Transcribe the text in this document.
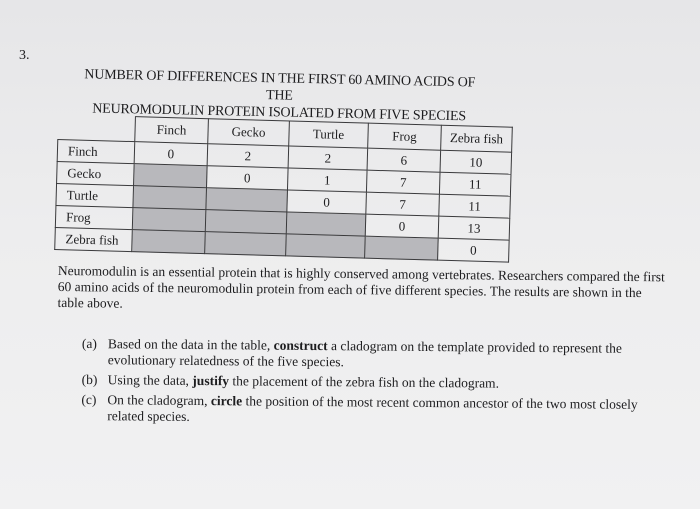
3.
NUMBER OF DIFFERENCES IN THE FIRST 60 AMINO ACIDS OF THE
NEUROMODULIN PROTEIN ISOLATED FROM FIVE SPECIES
	Finch	Gecko	Turtle	Frog	Zebra fish
Finch	0	2	2	6	10
Gecko		0	1	7	11
Turtle			0	7	11
Frog				0	13
Zebra fish					0
Neuromodulin is an essential protein that is highly conserved among vertebrates. Researchers compared the first 60 amino acids of the neuromodulin protein from each of five different species. The results are shown in the table above.
(a) Based on the data in the table, construct a cladogram on the template provided to represent the evolutionary relatedness of the five species.
(b) Using the data, justify the placement of the zebra fish on the cladogram.
(c) On the cladogram, circle the position of the most recent common ancestor of the two most closely related species.
